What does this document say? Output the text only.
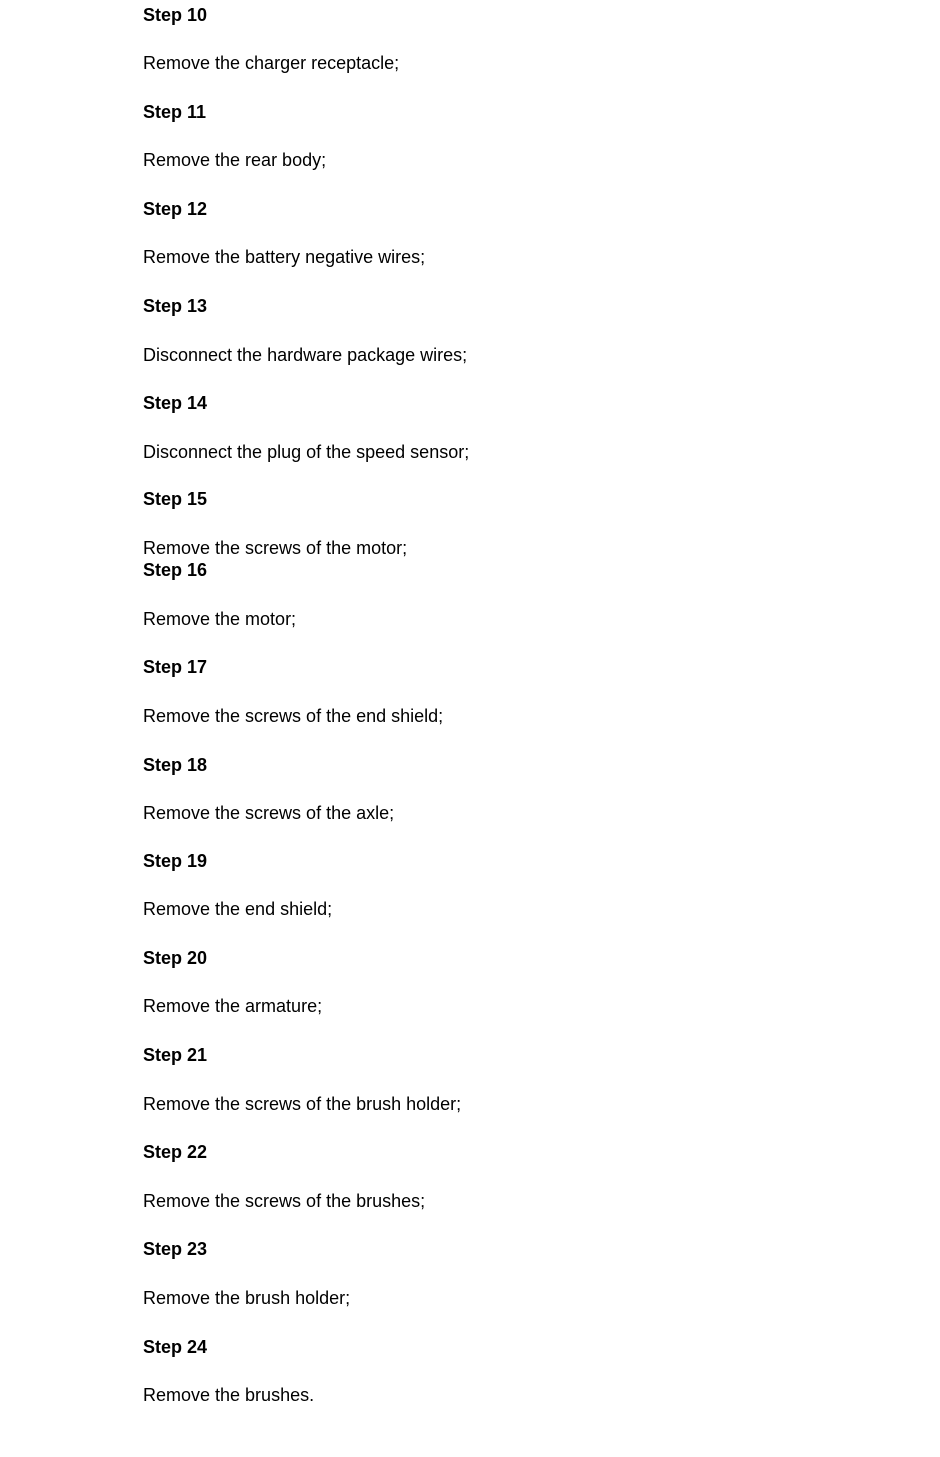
Step 10
Remove the charger receptacle;
Step 11
Remove the rear body;
Step 12
Remove the battery negative wires;
Step 13
Disconnect the hardware package wires;
Step 14
Disconnect the plug of the speed sensor;
Step 15
Remove the screws of the motor;
Step 16
Remove the motor;
Step 17
Remove the screws of the end shield;
Step 18
Remove the screws of the axle;
Step 19
Remove the end shield;
Step 20
Remove the armature;
Step 21
Remove the screws of the brush holder;
Step 22
Remove the screws of the brushes;
Step 23
Remove the brush holder;
Step 24
Remove the brushes.
